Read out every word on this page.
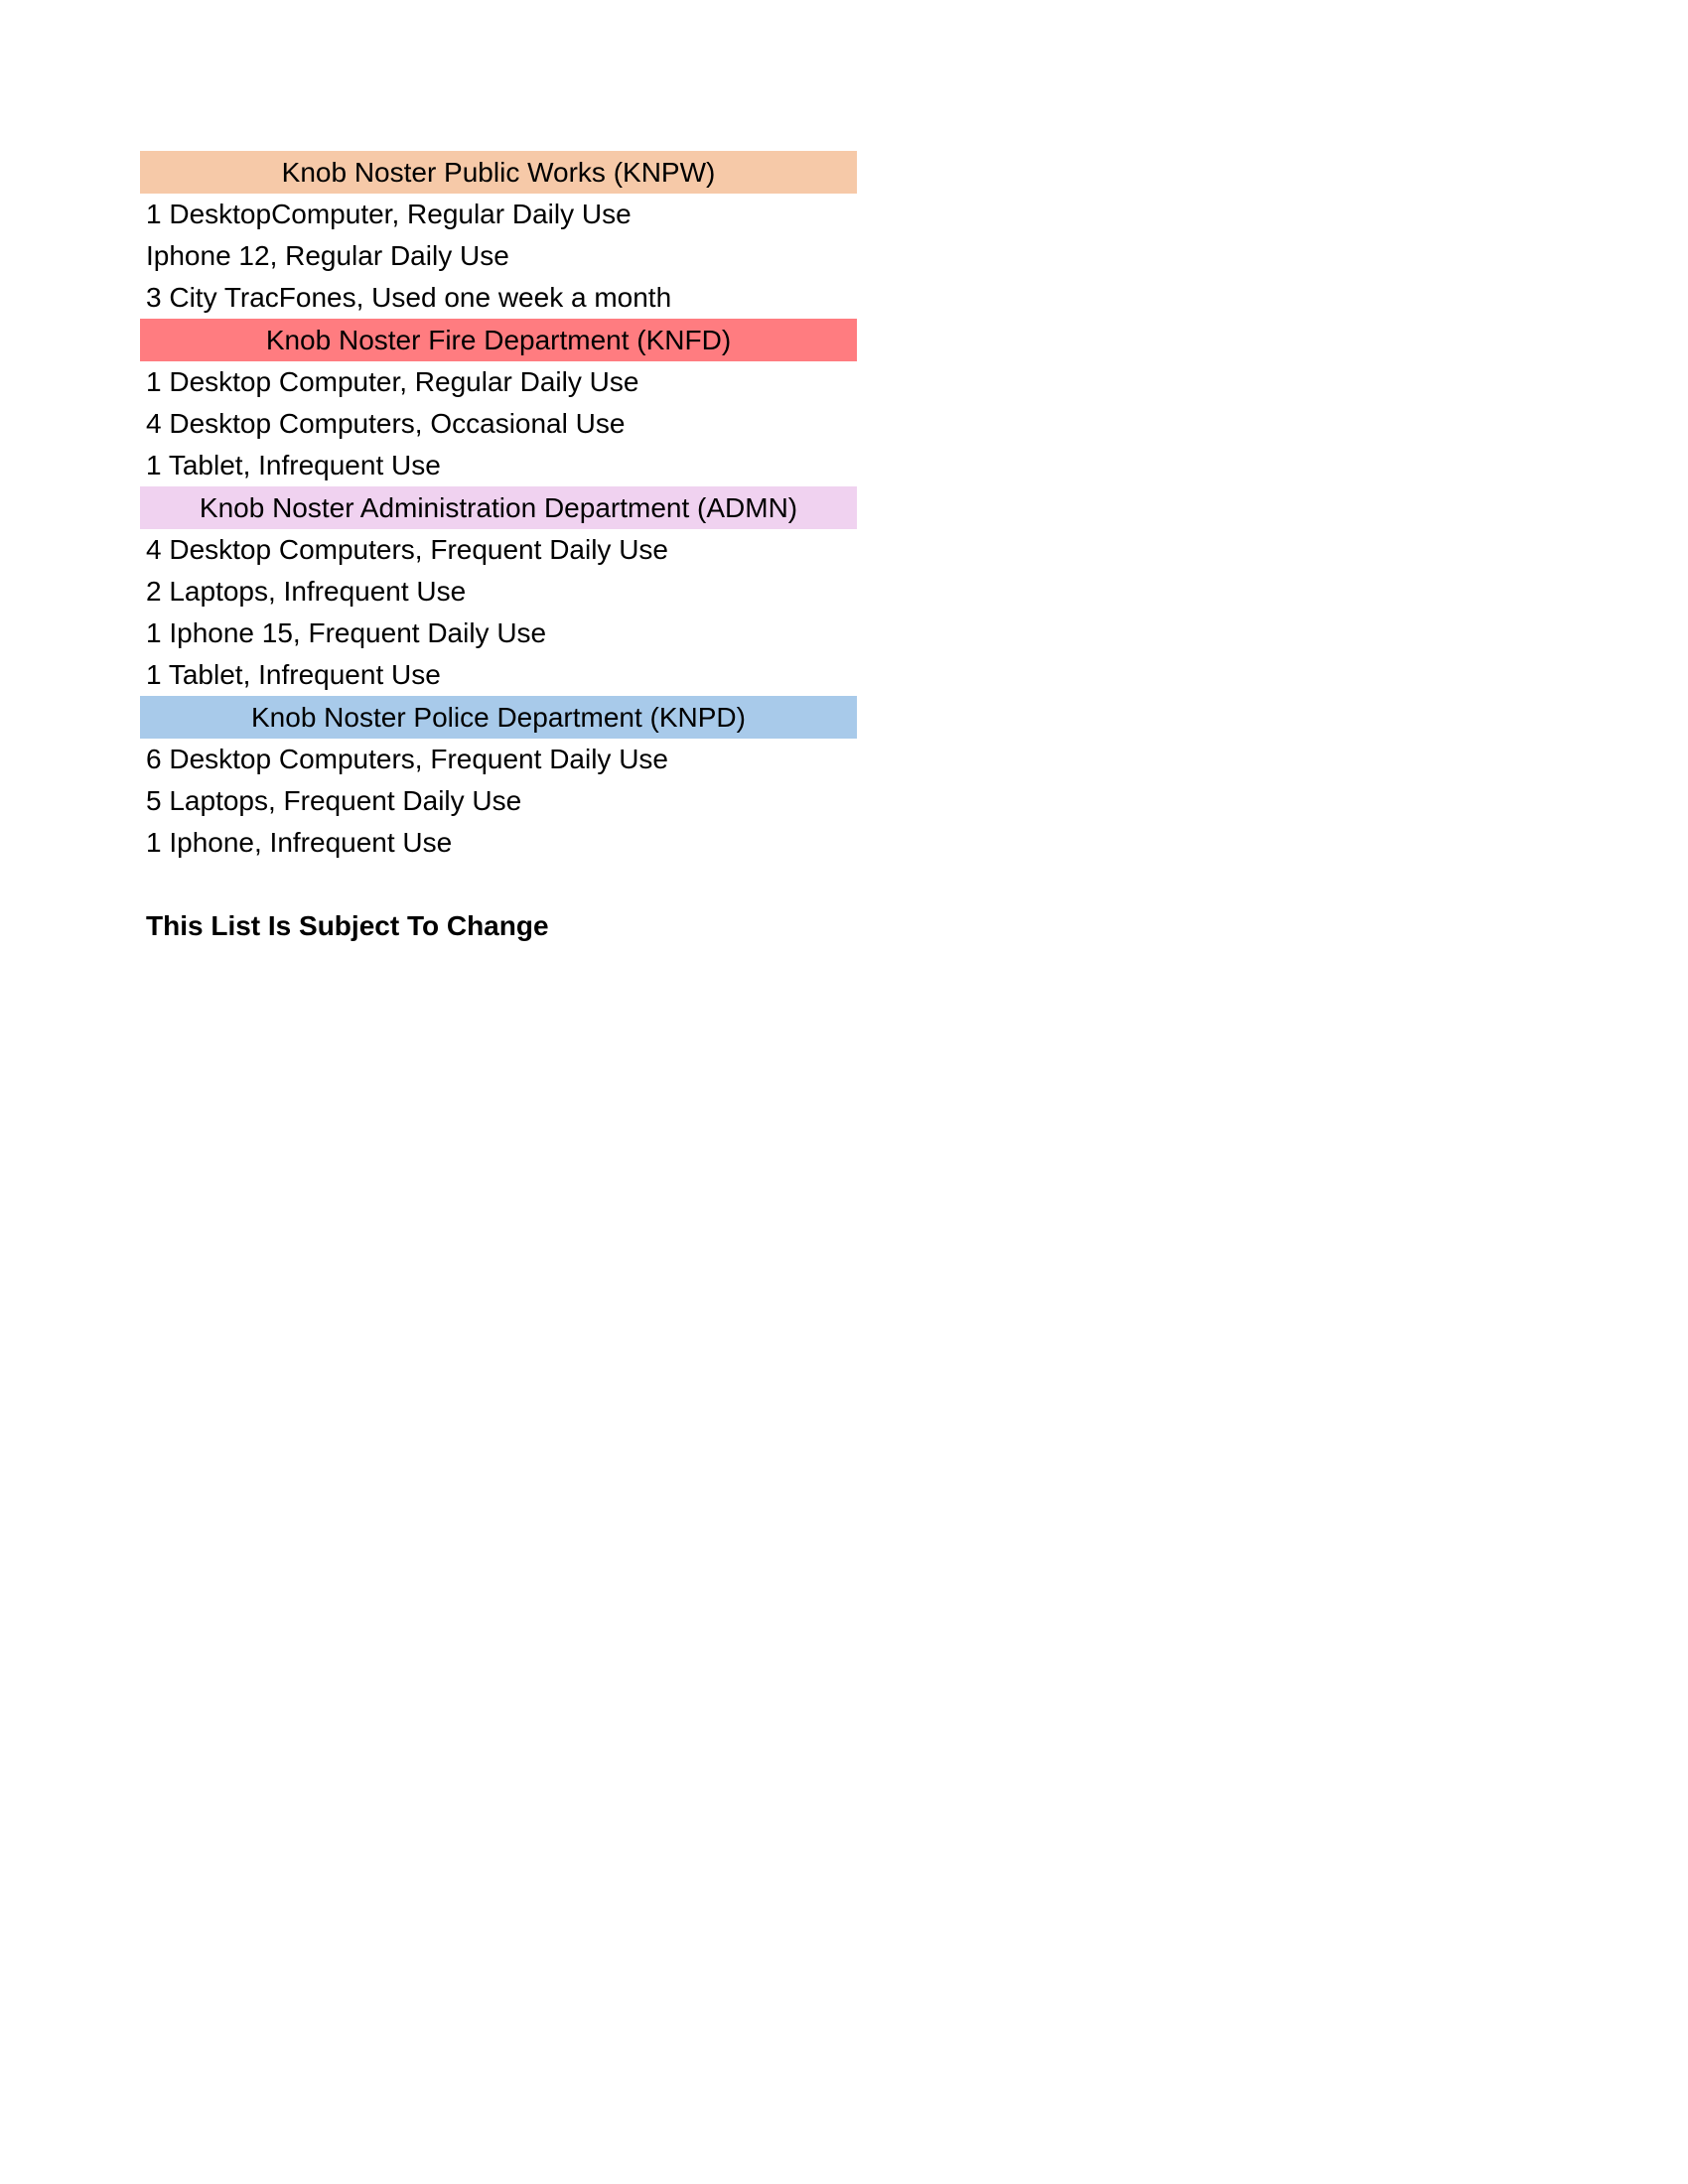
Knob Noster Public Works (KNPW)
1 DesktopComputer, Regular Daily Use
Iphone 12, Regular Daily Use
3 City TracFones, Used one week a month
Knob Noster Fire Department (KNFD)
1 Desktop Computer, Regular Daily Use
4 Desktop Computers, Occasional Use
1 Tablet, Infrequent Use
Knob Noster Administration Department (ADMN)
4 Desktop Computers, Frequent Daily Use
2 Laptops, Infrequent Use
1 Iphone 15, Frequent Daily Use
1 Tablet, Infrequent Use
Knob Noster Police Department (KNPD)
6 Desktop Computers, Frequent Daily Use
5 Laptops, Frequent Daily Use
1 Iphone, Infrequent Use
This List Is Subject To Change
